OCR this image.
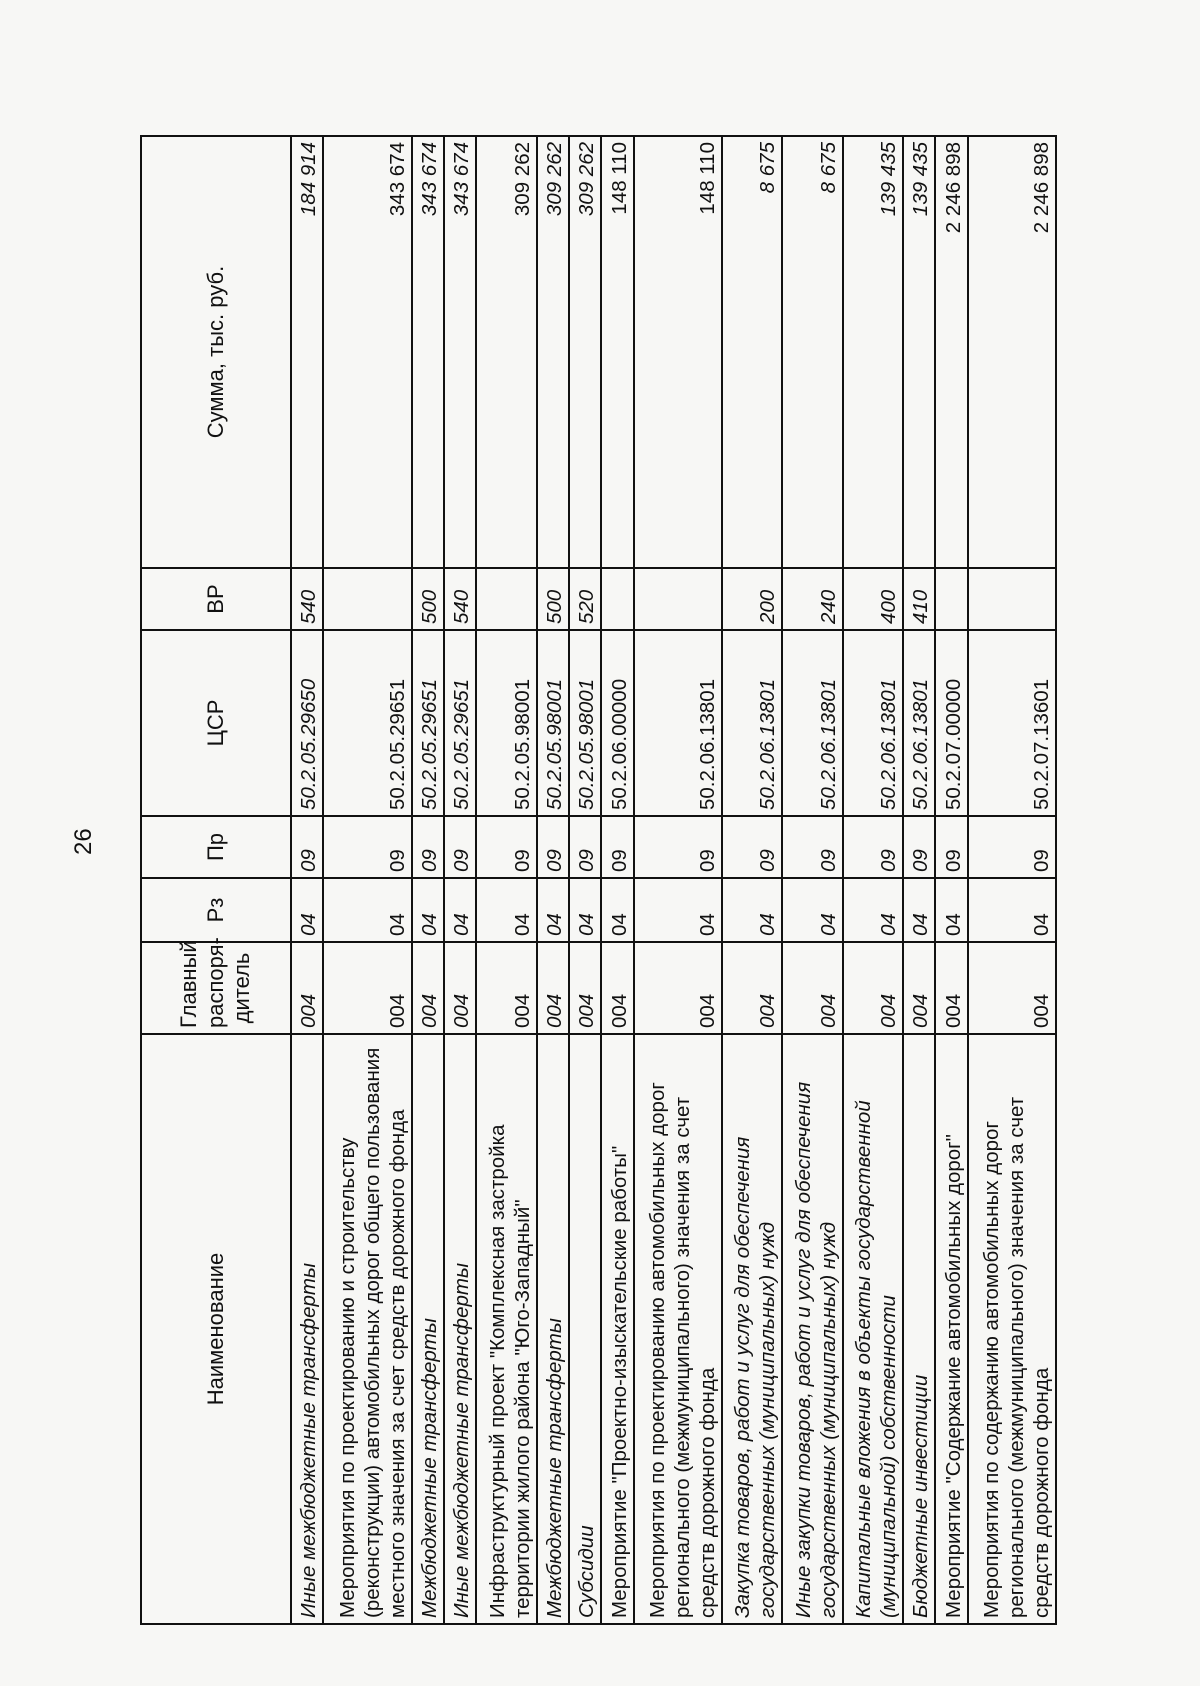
26
Наименование	Главный распоря-дитель	Рз	Пр	ЦСР	ВР	Сумма, тыс. руб.
Иные межбюджетные трансферты	004	04	09	50.2.05.29650	540	184 914
Мероприятия по проектированию и строительству (реконструкции) автомобильных дорог общего пользования местного значения за счет средств дорожного фонда	004	04	09	50.2.05.29651		343 674
Межбюджетные трансферты	004	04	09	50.2.05.29651	500	343 674
Иные межбюджетные трансферты	004	04	09	50.2.05.29651	540	343 674
Инфраструктурный проект "Комплексная застройка территории жилого района "Юго-Западный"	004	04	09	50.2.05.98001		309 262
Межбюджетные трансферты	004	04	09	50.2.05.98001	500	309 262
Субсидии	004	04	09	50.2.05.98001	520	309 262
Мероприятие "Проектно-изыскательские работы"	004	04	09	50.2.06.00000		148 110
Мероприятия по проектированию автомобильных дорог регионального (межмуниципального) значения за счет средств дорожного фонда	004	04	09	50.2.06.13801		148 110
Закупка товаров, работ и услуг для обеспечения государственных (муниципальных) нужд	004	04	09	50.2.06.13801	200	8 675
Иные закупки товаров, работ и услуг для обеспечения государственных (муниципальных) нужд	004	04	09	50.2.06.13801	240	8 675
Капитальные вложения в объекты государственной (муниципальной) собственности	004	04	09	50.2.06.13801	400	139 435
Бюджетные инвестиции	004	04	09	50.2.06.13801	410	139 435
Мероприятие "Содержание автомобильных дорог"	004	04	09	50.2.07.00000		2 246 898
Мероприятия по содержанию автомобильных дорог регионального (межмуниципального) значения за счет средств дорожного фонда	004	04	09	50.2.07.13601		2 246 898
